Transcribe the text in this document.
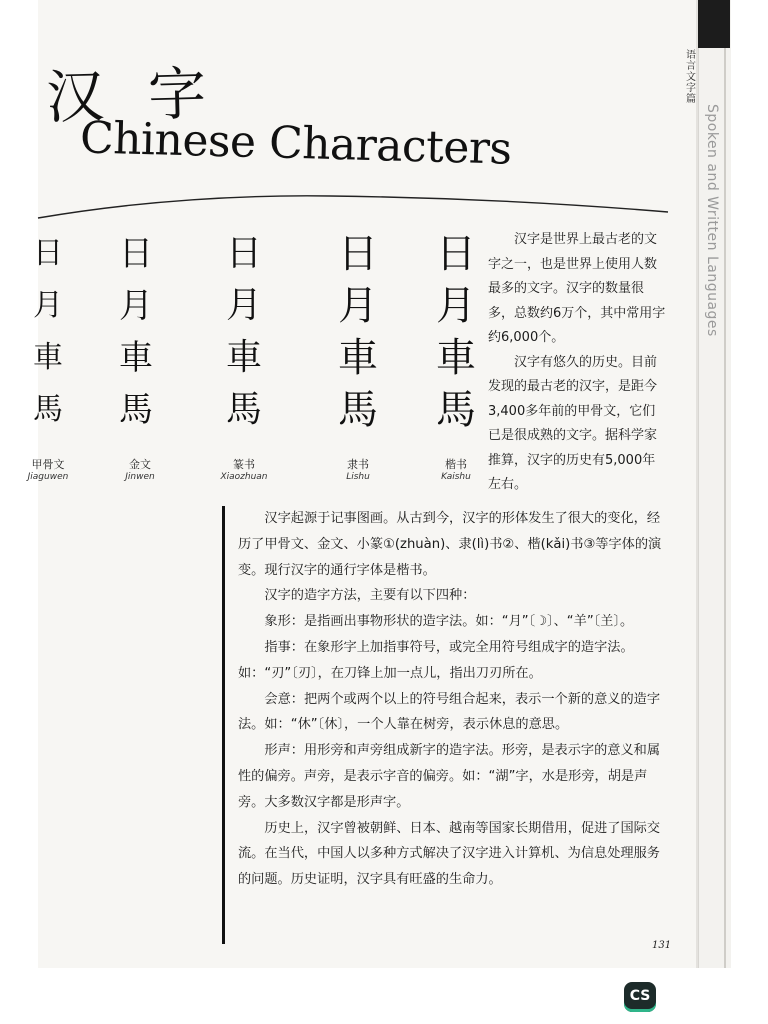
语言文字篇
Spoken and Written Languages
汉字
Chinese Characters
日
月
車
馬
日
月
車
馬
日
月
車
馬
日
月
車
馬
日
月
車
馬
甲骨文
Jiaguwen
金文
Jinwen
篆书
Xiaozhuan
隶书
Lishu
楷书
Kaishu

汉字是世界上最古老的文字之一，也是世界上使用人数最多的文字。汉字的数量很多，总数约6万个，其中常用字约6,000个。

汉字有悠久的历史。目前发现的最古老的汉字，是距今3,400多年前的甲骨文，它们已是很成熟的文字。据科学家推算，汉字的历史有5,000年左右。

汉字起源于记事图画。从古到今，汉字的形体发生了很大的变化，经历了甲骨文、金文、小篆①(zhuàn)、隶(lì)书②、楷(kǎi)书③等字体的演变。现行汉字的通行字体是楷书。

汉字的造字方法，主要有以下四种：

象形：是指画出事物形状的造字法。如：“月”〔☽〕、“羊”〔𦍌〕。

指事：在象形字上加指事符号，或完全用符号组成字的造字法。如：“刃”〔刃〕，在刀锋上加一点儿，指出刀刃所在。

会意：把两个或两个以上的符号组合起来，表示一个新的意义的造字法。如：“休”〔休〕，一个人靠在树旁，表示休息的意思。

形声：用形旁和声旁组成新字的造字法。形旁，是表示字的意义和属性的偏旁。声旁，是表示字音的偏旁。如：“湖”字，水是形旁，胡是声旁。大多数汉字都是形声字。

历史上，汉字曾被朝鲜、日本、越南等国家长期借用，促进了国际交流。在当代，中国人以多种方式解决了汉字进入计算机、为信息处理服务的问题。历史证明，汉字具有旺盛的生命力。

131
CS
